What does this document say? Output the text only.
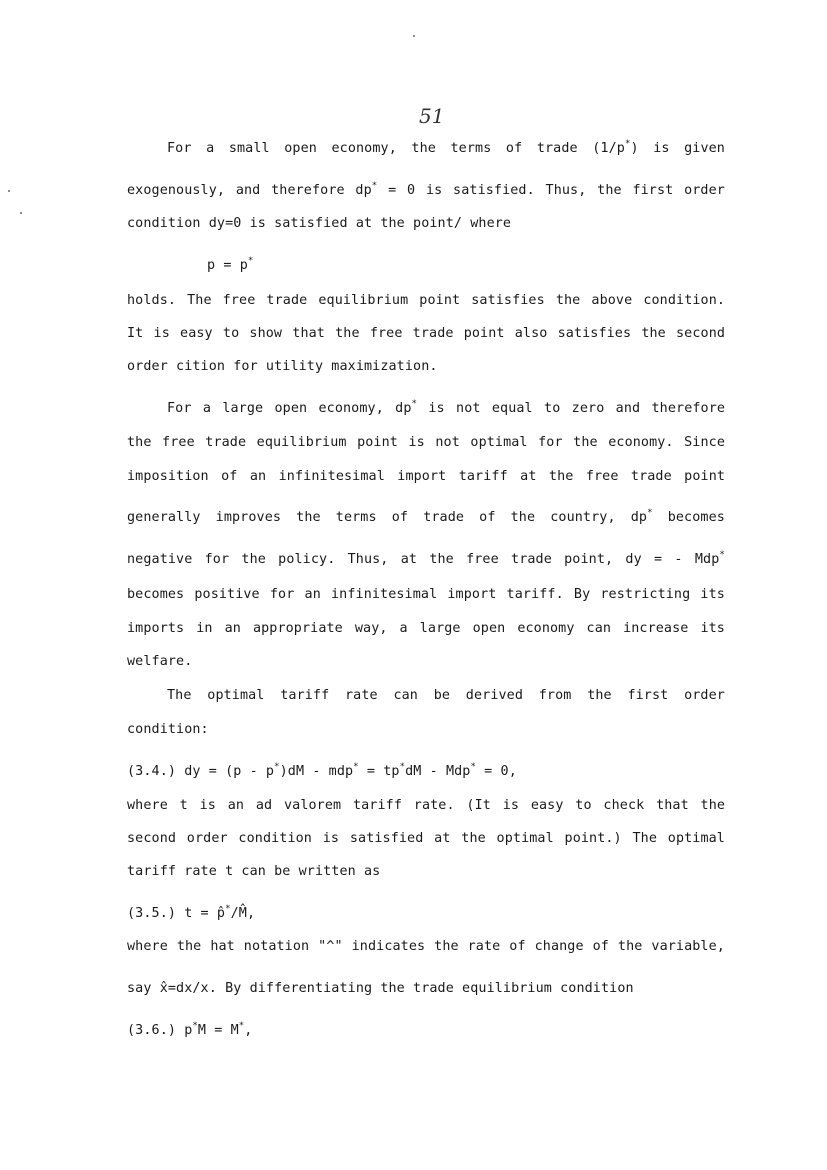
51
For a small open economy, the terms of trade (1/p*) is given
exogenously, and therefore dp* = 0 is satisfied. Thus, the first order
condition dy=0 is satisfied at the point/ where
p = p*
holds. The free trade equilibrium point satisfies the above condition.
It is easy to show that the free trade point also satisfies the second
order cition for utility maximization.
For a large open economy, dp* is not equal to zero and therefore
the free trade equilibrium point is not optimal for the economy. Since
imposition of an infinitesimal import tariff at the free trade point
generally improves the terms of trade of the country, dp* becomes
negative for the policy. Thus, at the free trade point, dy = - Mdp*
becomes positive for an infinitesimal import tariff. By restricting its
imports in an appropriate way, a large open economy can increase its
welfare.
The optimal tariff rate can be derived from the first order
condition:
(3.4.) dy = (p - p*)dM - mdp* = tp*dM - Mdp* = 0,
where t is an ad valorem tariff rate. (It is easy to check that the
second order condition is satisfied at the optimal point.) The optimal
tariff rate t can be written as
(3.5.) t = p*/M,
where the hat notation "^" indicates the rate of change of the variable,
say x=dx/x. By differentiating the trade equilibrium condition
(3.6.) p*M = M*,
